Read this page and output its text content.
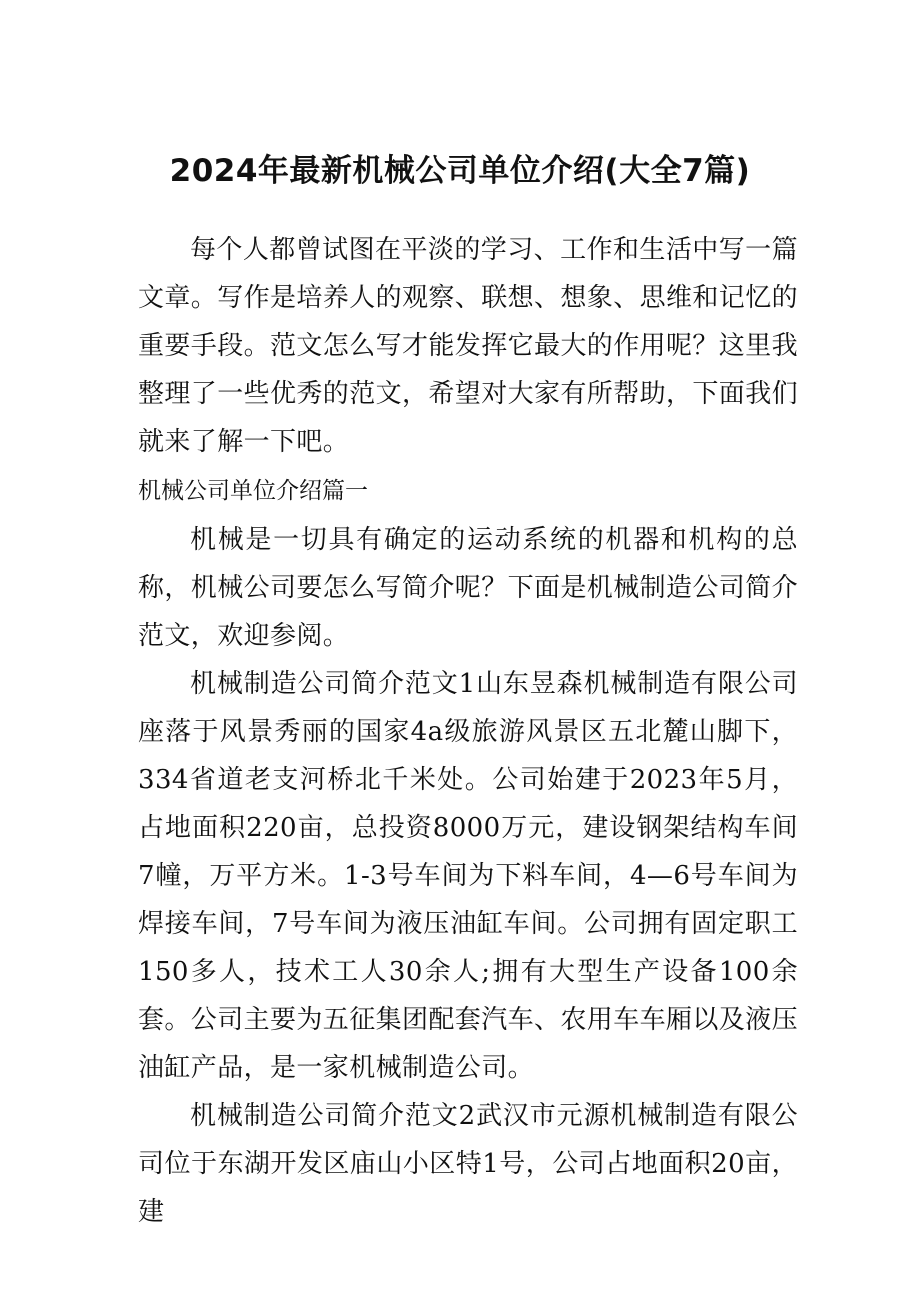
2024年最新机械公司单位介绍(大全7篇)

每个人都曾试图在平淡的学习、工作和生活中写一篇文章。写作是培养人的观察、联想、想象、思维和记忆的重要手段。范文怎么写才能发挥它最大的作用呢？这里我整理了一些优秀的范文，希望对大家有所帮助，下面我们就来了解一下吧。

机械公司单位介绍篇一

机械是一切具有确定的运动系统的机器和机构的总称，机械公司要怎么写简介呢？下面是机械制造公司简介范文，欢迎参阅。

机械制造公司简介范文1山东昱森机械制造有限公司座落于风景秀丽的国家4a级旅游风景区五北麓山脚下，334省道老支河桥北千米处。公司始建于2023年5月，占地面积220亩，总投资8000万元，建设钢架结构车间7幢，万平方米。1-3号车间为下料车间，4—6号车间为焊接车间，7号车间为液压油缸车间。公司拥有固定职工150多人，技术工人30余人;拥有大型生产设备100余套。公司主要为五征集团配套汽车、农用车车厢以及液压油缸产品，是一家机械制造公司。

机械制造公司简介范文2武汉市元源机械制造有限公司位于东湖开发区庙山小区特1号，公司占地面积20亩，建
